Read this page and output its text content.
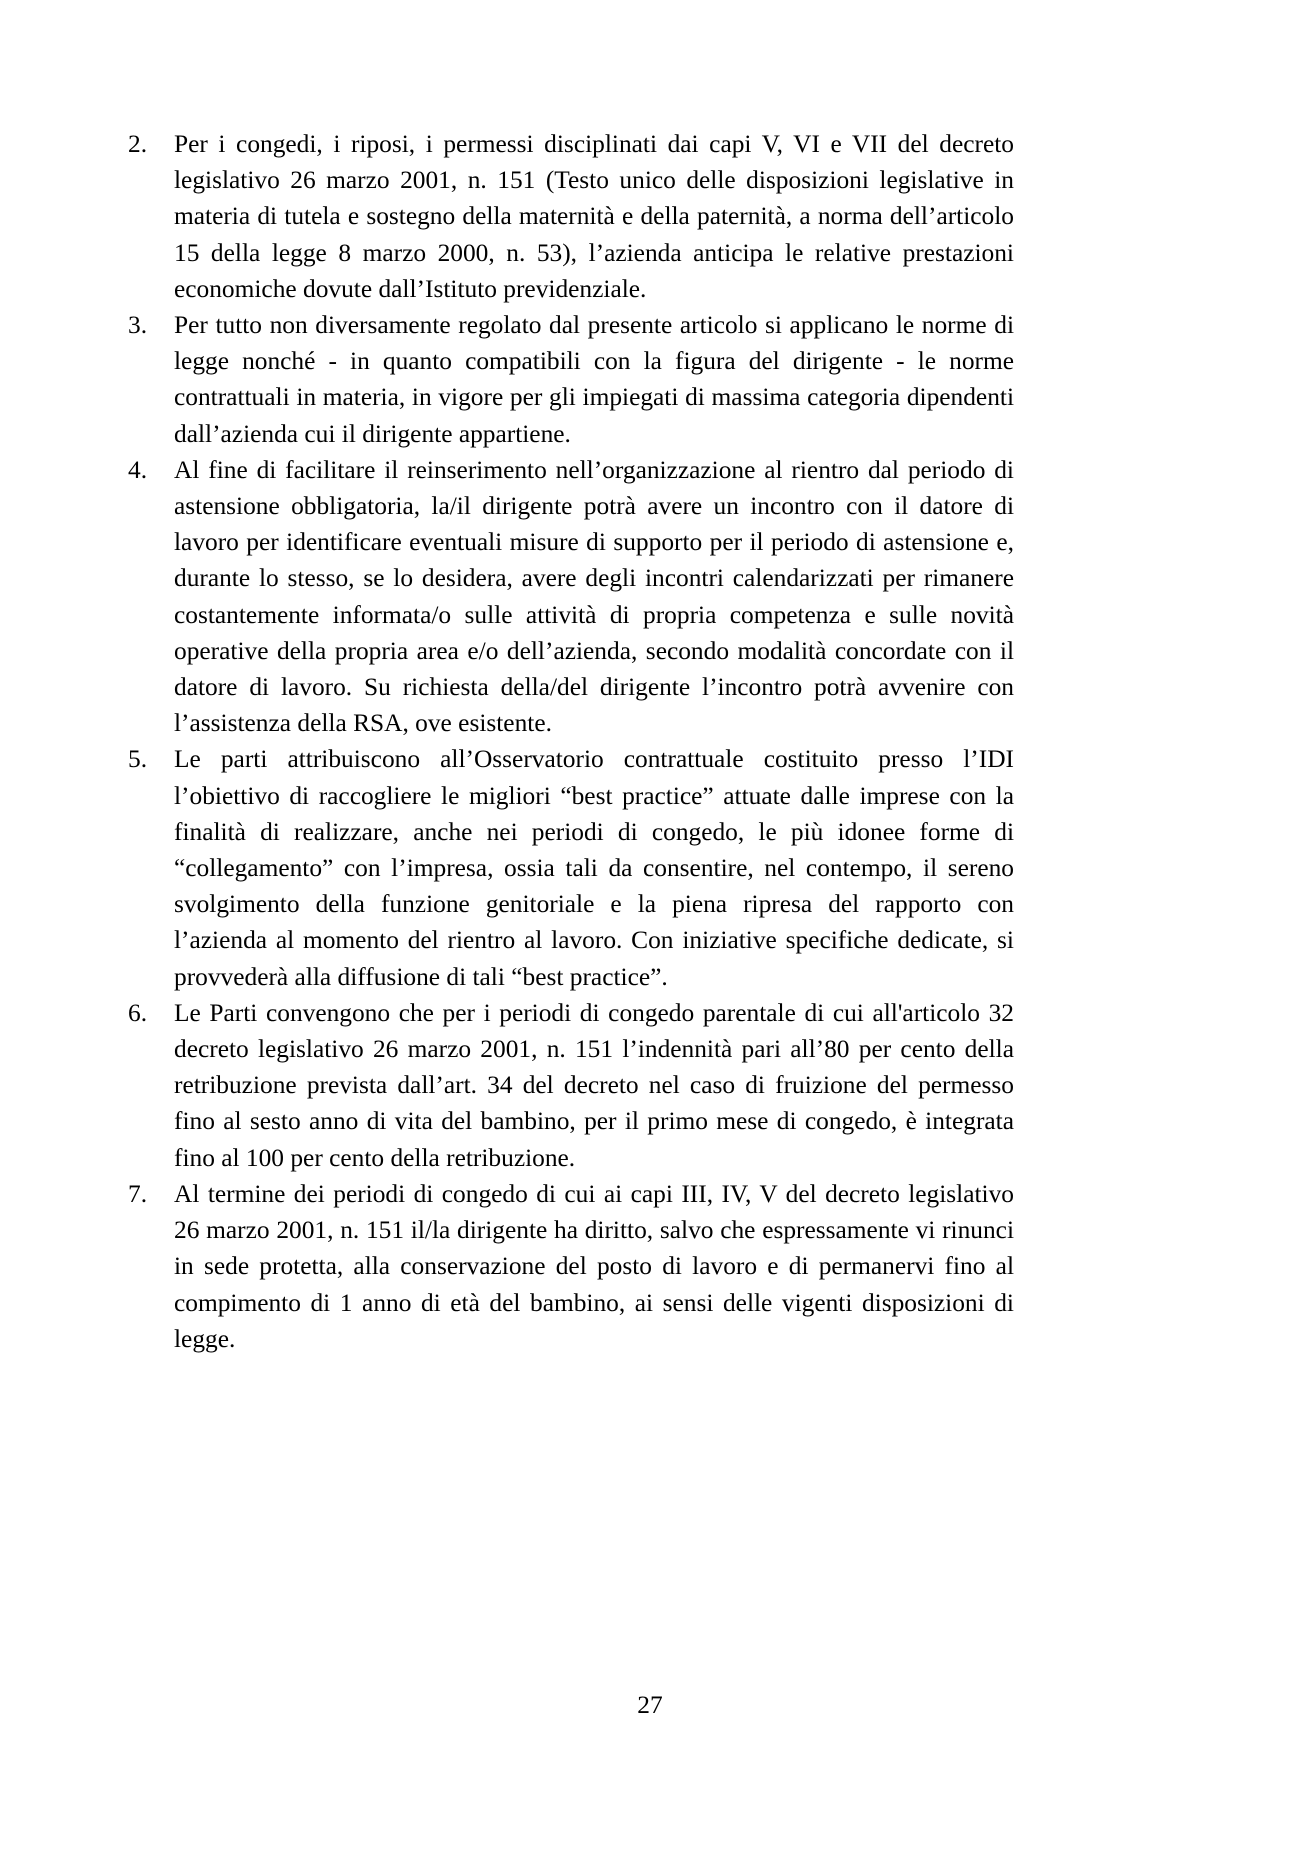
2.	Per i congedi, i riposi, i permessi disciplinati dai capi V, VI e VII del decreto legislativo 26 marzo 2001, n. 151 (Testo unico delle disposizioni legislative in materia di tutela e sostegno della maternità e della paternità, a norma dell’articolo 15 della legge 8 marzo 2000, n. 53), l’azienda anticipa le relative prestazioni economiche dovute dall’Istituto previdenziale.
3.	Per tutto non diversamente regolato dal presente articolo si applicano le norme di legge nonché - in quanto compatibili con la figura del dirigente - le norme contrattuali in materia, in vigore per gli impiegati di massima categoria dipendenti dall’azienda cui il dirigente appartiene.
4.	Al fine di facilitare il reinserimento nell’organizzazione al rientro dal periodo di astensione obbligatoria, la/il dirigente potrà avere un incontro con il datore di lavoro per identificare eventuali misure di supporto per il periodo di astensione e, durante lo stesso, se lo desidera, avere degli incontri calendarizzati per rimanere costantemente informata/o sulle attività di propria competenza e sulle novità operative della propria area e/o dell’azienda, secondo modalità concordate con il datore di lavoro. Su richiesta della/del dirigente l’incontro potrà avvenire con l’assistenza della RSA, ove esistente.
5.	Le parti attribuiscono all’Osservatorio contrattuale costituito presso l’IDI l’obiettivo di raccogliere le migliori “best practice” attuate dalle imprese con la finalità di realizzare, anche nei periodi di congedo, le più idonee forme di “collegamento” con l’impresa, ossia tali da consentire, nel contempo, il sereno svolgimento della funzione genitoriale e la piena ripresa del rapporto con l’azienda al momento del rientro al lavoro. Con iniziative specifiche dedicate, si provvederà alla diffusione di tali “best practice”.
6.	Le Parti convengono che per i periodi di congedo parentale di cui all'articolo 32 decreto legislativo 26 marzo 2001, n. 151 l’indennità pari all’80 per cento della retribuzione prevista dall’art. 34 del decreto nel caso di fruizione del permesso fino al sesto anno di vita del bambino, per il primo mese di congedo, è integrata fino al 100 per cento della retribuzione.
7.	Al termine dei periodi di congedo di cui ai capi III, IV, V del decreto legislativo 26 marzo 2001, n. 151 il/la dirigente ha diritto, salvo che espressamente vi rinunci in sede protetta, alla conservazione del posto di lavoro e di permanervi fino al compimento di 1 anno di età del bambino, ai sensi delle vigenti disposizioni di legge.
27
